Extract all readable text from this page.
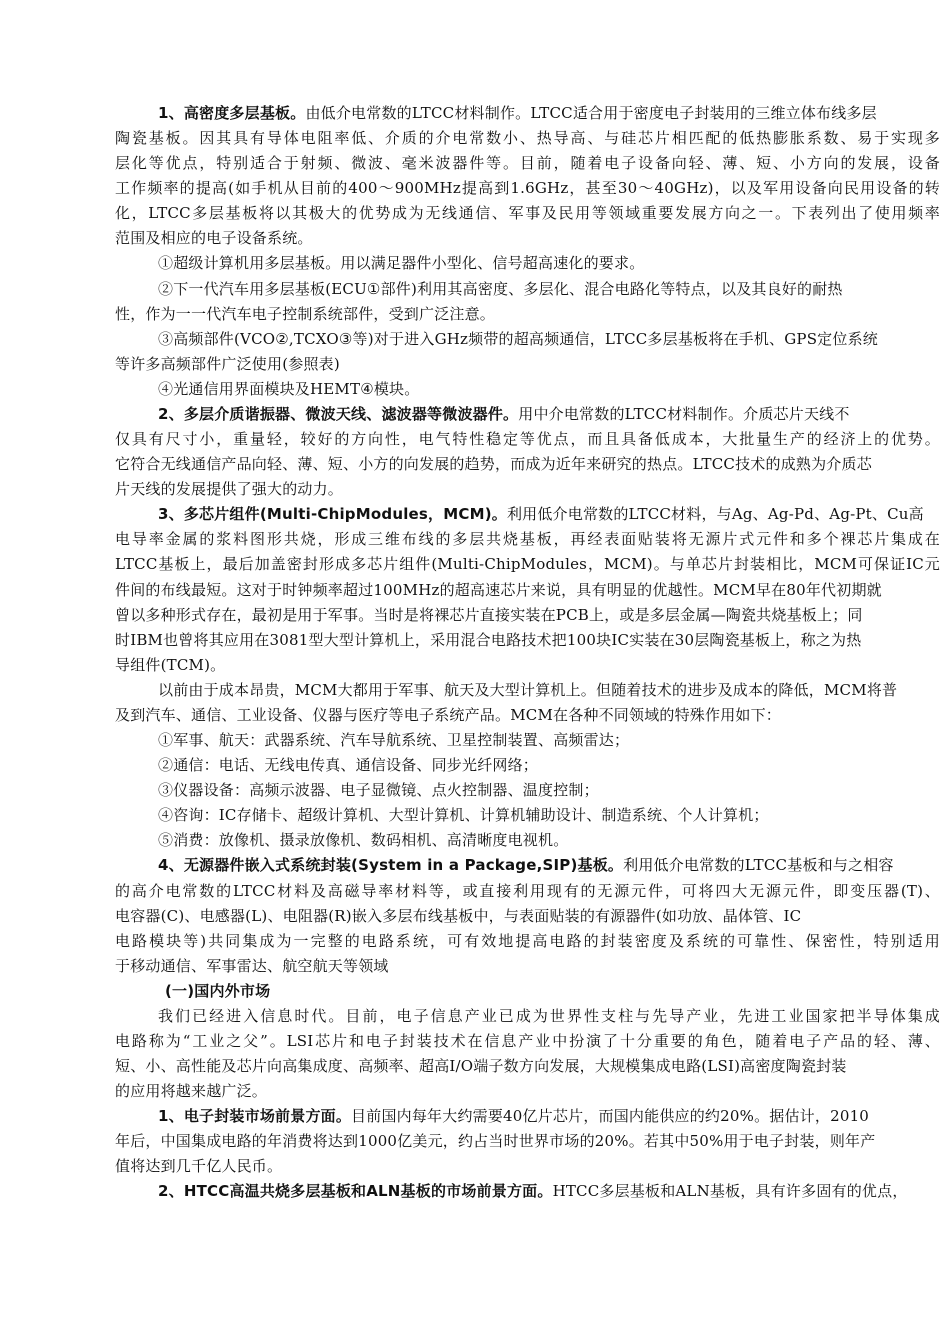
1、高密度多层基板。由低介电常数的LTCC材料制作。LTCC适合用于密度电子封装用的三维立体布线多层
陶瓷基板。因其具有导体电阻率低、介质的介电常数小、热导高、与硅芯片相匹配的低热膨胀系数、易于实现多
层化等优点，特别适合于射频、微波、毫米波器件等。目前，随着电子设备向轻、薄、短、小方向的发展，设备
工作频率的提高(如手机从目前的400～900MHz提高到1.6GHz，甚至30～40GHz)，以及军用设备向民用设备的转
化，LTCC多层基板将以其极大的优势成为无线通信、军事及民用等领域重要发展方向之一。下表列出了使用频率
范围及相应的电子设备系统。
①超级计算机用多层基板。用以满足器件小型化、信号超高速化的要求。
②下一代汽车用多层基板(ECU①部件)利用其高密度、多层化、混合电路化等特点，以及其良好的耐热
性，作为一一代汽车电子控制系统部件，受到广泛注意。
③高频部件(VCO②,TCXO③等)对于进入GHz频带的超高频通信，LTCC多层基板将在手机、GPS定位系统
等许多高频部件广泛使用(参照表)
④光通信用界面模块及HEMT④模块。
2、多层介质谐振器、微波天线、滤波器等微波器件。用中介电常数的LTCC材料制作。介质芯片天线不
仅具有尺寸小，重量轻，较好的方向性，电气特性稳定等优点，而且具备低成本，大批量生产的经济上的优势。
它符合无线通信产品向轻、薄、短、小方的向发展的趋势，而成为近年来研究的热点。LTCC技术的成熟为介质芯
片天线的发展提供了强大的动力。
3、多芯片组件(Multi-ChipModules，MCM)。利用低介电常数的LTCC材料，与Ag、Ag-Pd、Ag-Pt、Cu高
电导率金属的浆料图形共烧，形成三维布线的多层共烧基板，再经表面贴装将无源片式元件和多个裸芯片集成在
LTCC基板上，最后加盖密封形成多芯片组件(Multi-ChipModules，MCM)。与单芯片封装相比，MCM可保证IC元
件间的布线最短。这对于时钟频率超过100MHz的超高速芯片来说，具有明显的优越性。MCM早在80年代初期就
曾以多种形式存在，最初是用于军事。当时是将裸芯片直接实装在PCB上，或是多层金属—陶瓷共烧基板上；同
时IBM也曾将其应用在3081型大型计算机上，采用混合电路技术把100块IC实装在30层陶瓷基板上，称之为热
导组件(TCM)。
以前由于成本昂贵，MCM大都用于军事、航天及大型计算机上。但随着技术的进步及成本的降低，MCM将普
及到汽车、通信、工业设备、仪器与医疗等电子系统产品。MCM在各种不同领域的特殊作用如下：
①军事、航天：武器系统、汽车导航系统、卫星控制装置、高频雷达；
②通信：电话、无线电传真、通信设备、同步光纤网络；
③仪器设备：高频示波器、电子显微镜、点火控制器、温度控制；
④咨询：IC存储卡、超级计算机、大型计算机、计算机辅助设计、制造系统、个人计算机；
⑤消费：放像机、摄录放像机、数码相机、高清晰度电视机。
4、无源器件嵌入式系统封装(System in a Package,SIP)基板。利用低介电常数的LTCC基板和与之相容
的高介电常数的LTCC材料及高磁导率材料等，或直接利用现有的无源元件，可将四大无源元件，即变压器(T)、
电容器(C)、电感器(L)、电阻器(R)嵌入多层布线基板中，与表面贴装的有源器件(如功放、晶体管、IC
电路模块等)共同集成为一完整的电路系统，可有效地提高电路的封装密度及系统的可靠性、保密性，特别适用
于移动通信、军事雷达、航空航天等领域
(一)国内外市场
我们已经进入信息时代。目前，电子信息产业已成为世界性支柱与先导产业，先进工业国家把半导体集成
电路称为“工业之父”。LSI芯片和电子封装技术在信息产业中扮演了十分重要的角色，随着电子产品的轻、薄、
短、小、高性能及芯片向高集成度、高频率、超高I/O端子数方向发展，大规模集成电路(LSI)高密度陶瓷封装
的应用将越来越广泛。
1、电子封装市场前景方面。目前国内每年大约需要40亿片芯片，而国内能供应的约20%。据估计，2010
年后，中国集成电路的年消费将达到1000亿美元，约占当时世界市场的20%。若其中50%用于电子封装，则年产
值将达到几千亿人民币。
2、HTCC高温共烧多层基板和ALN基板的市场前景方面。HTCC多层基板和ALN基板，具有许多固有的优点，
